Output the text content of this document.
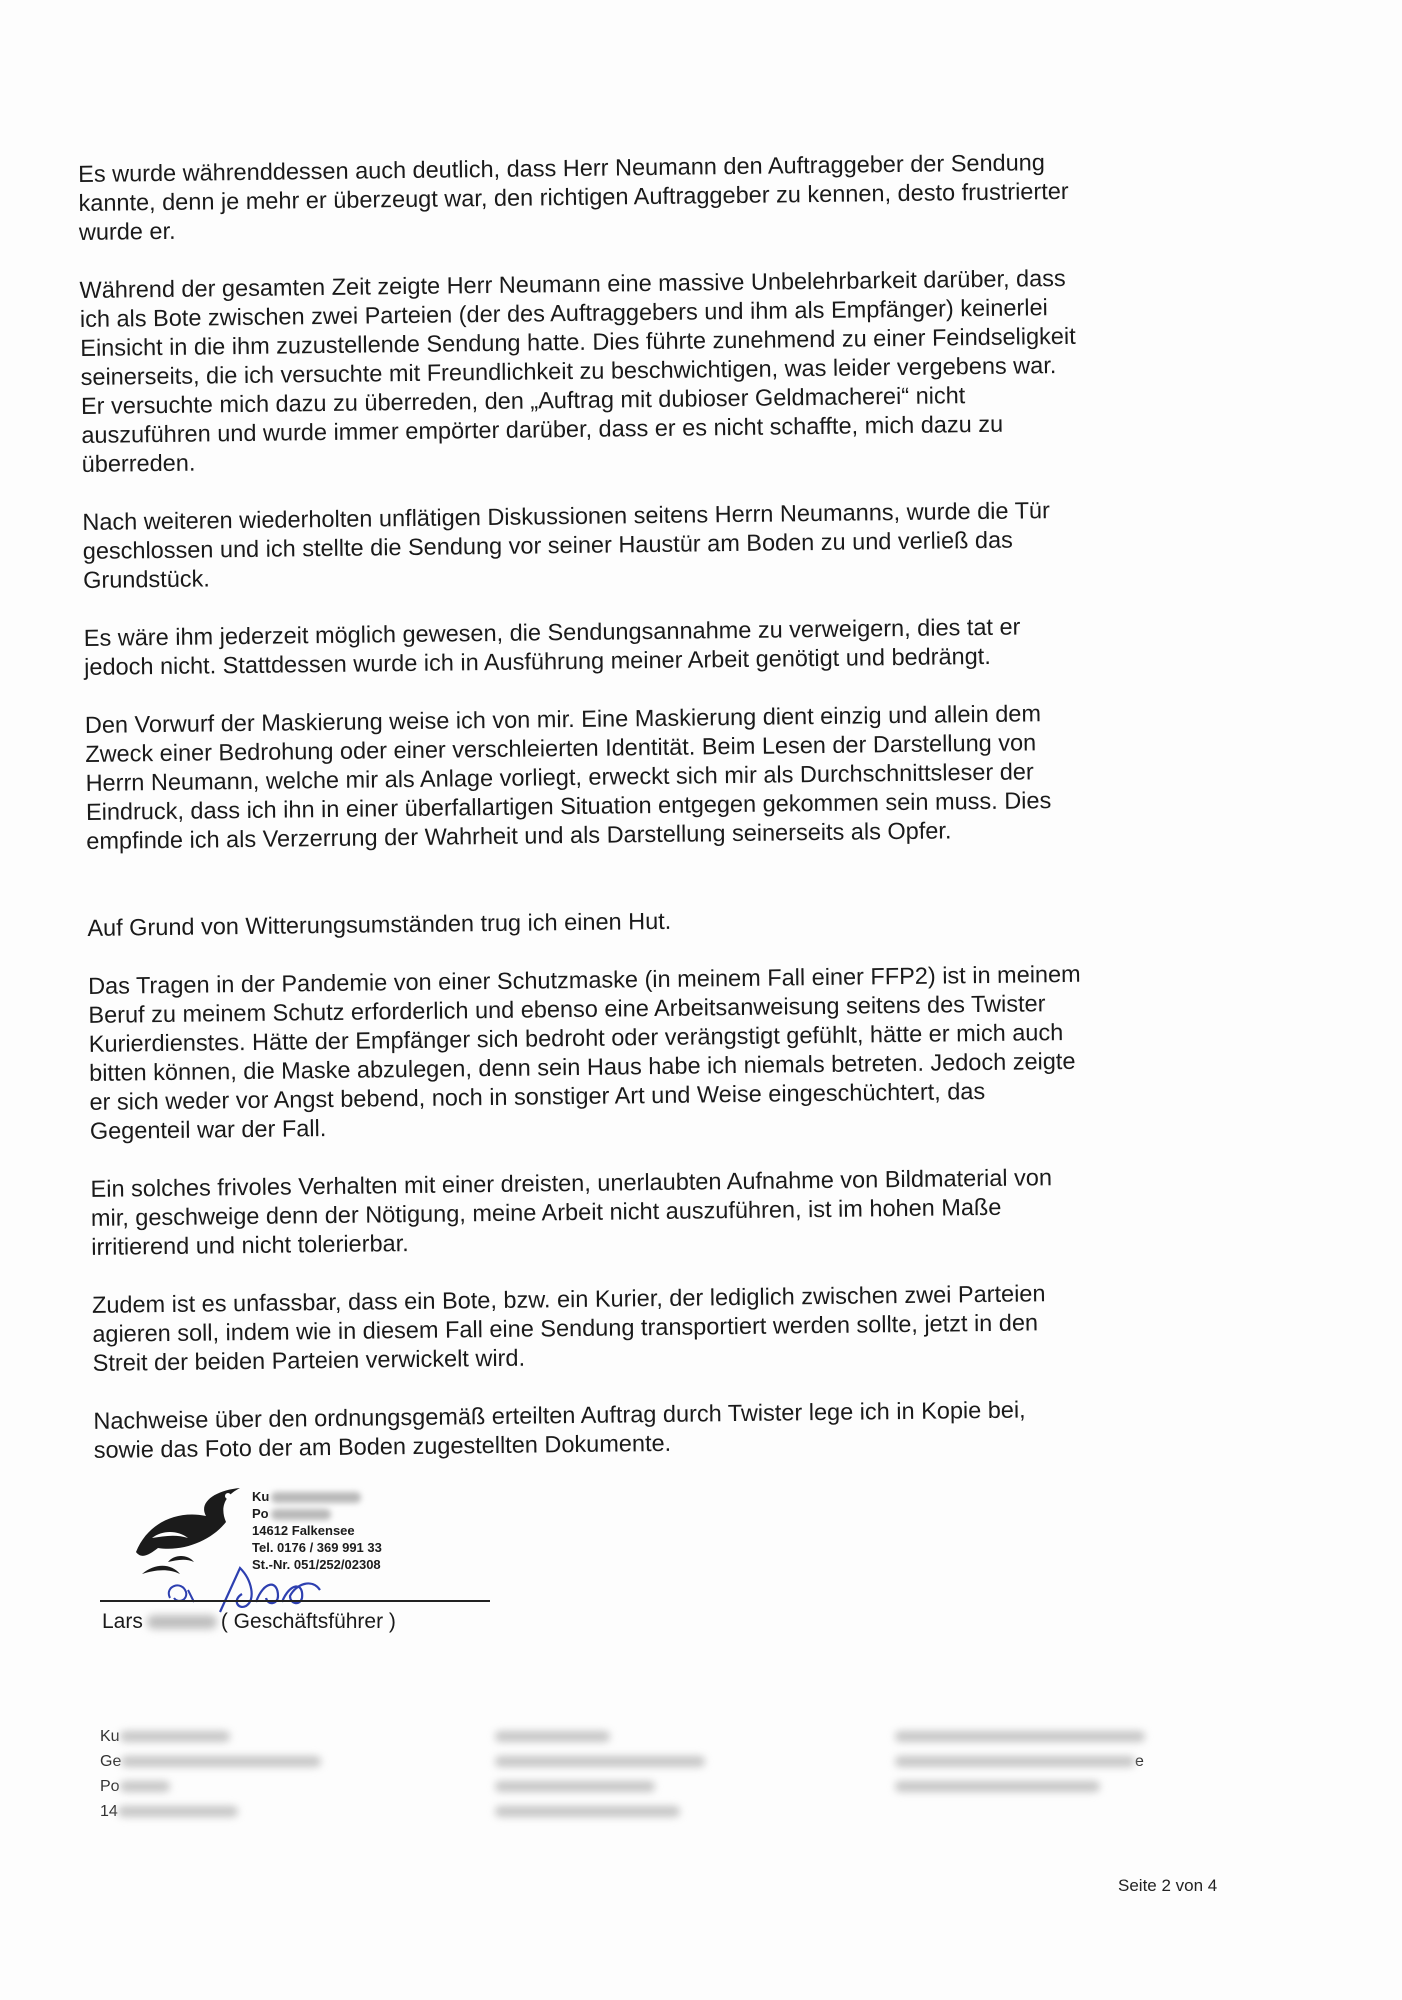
Es wurde währenddessen auch deutlich, dass Herr Neumann den Auftraggeber der Sendung
kannte, denn je mehr er überzeugt war, den richtigen Auftraggeber zu kennen, desto frustrierter
wurde er.
Während der gesamten Zeit zeigte Herr Neumann eine massive Unbelehrbarkeit darüber, dass
ich als Bote zwischen zwei Parteien (der des Auftraggebers und ihm als Empfänger) keinerlei
Einsicht in die ihm zuzustellende Sendung hatte. Dies führte zunehmend zu einer Feindseligkeit
seinerseits, die ich versuchte mit Freundlichkeit zu beschwichtigen, was leider vergebens war.
Er versuchte mich dazu zu überreden, den „Auftrag mit dubioser Geldmacherei“ nicht
auszuführen und wurde immer empörter darüber, dass er es nicht schaffte, mich dazu zu
überreden.
Nach weiteren wiederholten unflätigen Diskussionen seitens Herrn Neumanns, wurde die Tür
geschlossen und ich stellte die Sendung vor seiner Haustür am Boden zu und verließ das
Grundstück.
Es wäre ihm jederzeit möglich gewesen, die Sendungsannahme zu verweigern, dies tat er
jedoch nicht. Stattdessen wurde ich in Ausführung meiner Arbeit genötigt und bedrängt.
Den Vorwurf der Maskierung weise ich von mir. Eine Maskierung dient einzig und allein dem
Zweck einer Bedrohung oder einer verschleierten Identität. Beim Lesen der Darstellung von
Herrn Neumann, welche mir als Anlage vorliegt, erweckt sich mir als Durchschnittsleser der
Eindruck, dass ich ihn in einer überfallartigen Situation entgegen gekommen sein muss. Dies
empfinde ich als Verzerrung der Wahrheit und als Darstellung seinerseits als Opfer.
Auf Grund von Witterungsumständen trug ich einen Hut.
Das Tragen in der Pandemie von einer Schutzmaske (in meinem Fall einer FFP2) ist in meinem
Beruf zu meinem Schutz erforderlich und ebenso eine Arbeitsanweisung seitens des Twister
Kurierdienstes. Hätte der Empfänger sich bedroht oder verängstigt gefühlt, hätte er mich auch
bitten können, die Maske abzulegen, denn sein Haus habe ich niemals betreten. Jedoch zeigte
er sich weder vor Angst bebend, noch in sonstiger Art und Weise eingeschüchtert, das
Gegenteil war der Fall.
Ein solches frivoles Verhalten mit einer dreisten, unerlaubten Aufnahme von Bildmaterial von
mir, geschweige denn der Nötigung, meine Arbeit nicht auszuführen, ist im hohen Maße
irritierend und nicht tolerierbar.
Zudem ist es unfassbar, dass ein Bote, bzw. ein Kurier, der lediglich zwischen zwei Parteien
agieren soll, indem wie in diesem Fall eine Sendung transportiert werden sollte, jetzt in den
Streit der beiden Parteien verwickelt wird.
Nachweise über den ordnungsgemäß erteilten Auftrag durch Twister lege ich in Kopie bei,
sowie das Foto der am Boden zugestellten Dokumente.
Ku
Po
14612 Falkensee
Tel. 0176 / 369 991 33
St.-Nr. 051/252/02308
Lars	( Geschäftsführer )
Ku
Ge
Po
14
e
Seite 2 von 4
